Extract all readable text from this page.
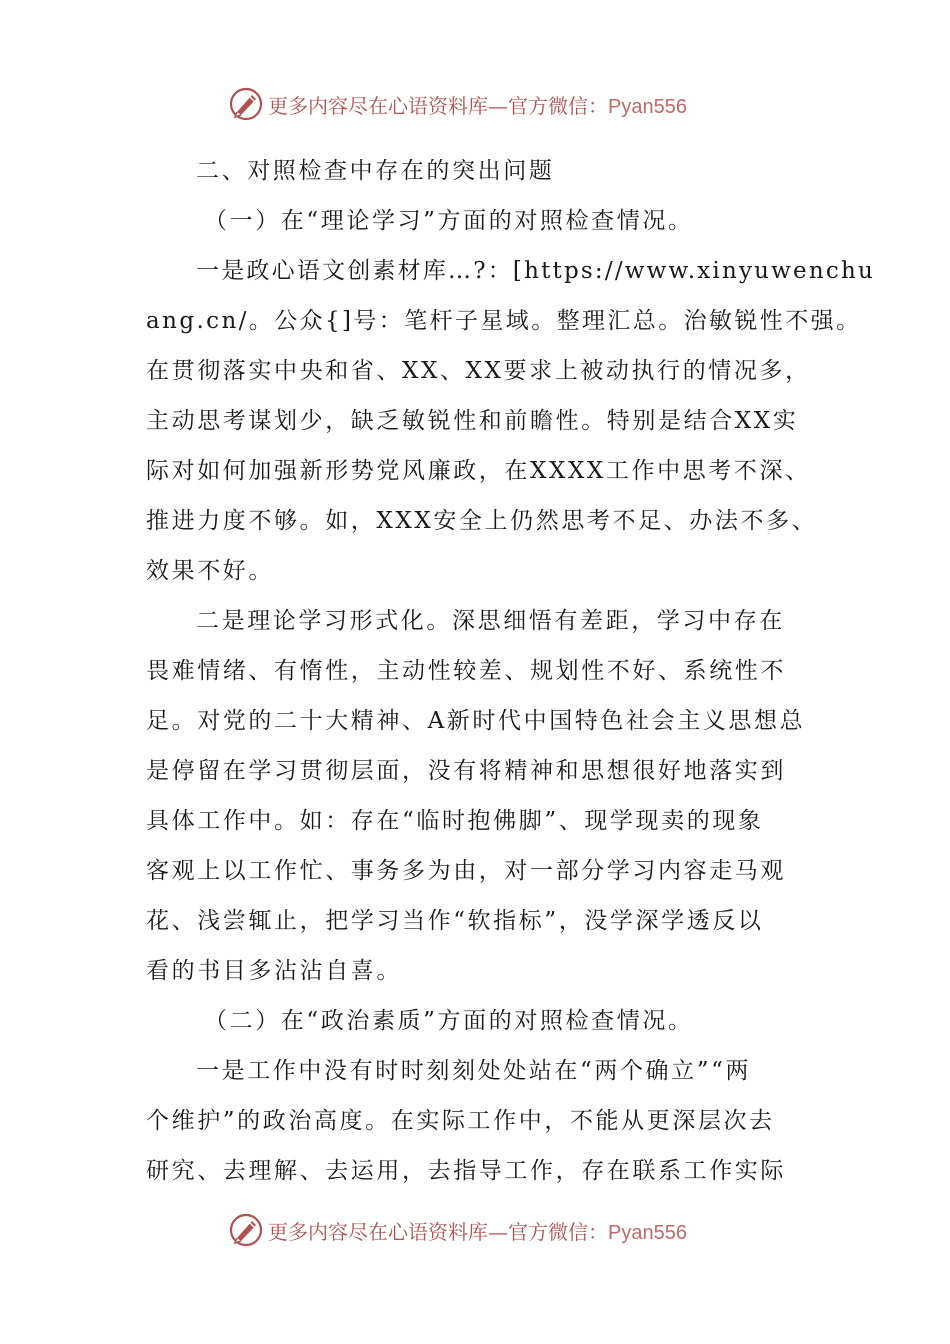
更多内容尽在心语资料库—官方微信：Pyan556
二、对照检查中存在的突出问题
（一）在“理论学习”方面的对照检查情况。
一是政心语文创素材库…?：[https://www.xinyuwenchu
ang.cn/。公众{]号：笔杆子星域。整理汇总。治敏锐性不强。
在贯彻落实中央和省、XX、XX要求上被动执行的情况多，
主动思考谋划少，缺乏敏锐性和前瞻性。特别是结合XX实
际对如何加强新形势党风廉政，在XXXX工作中思考不深、
推进力度不够。如，XXX安全上仍然思考不足、办法不多、
效果不好。
二是理论学习形式化。深思细悟有差距，学习中存在
畏难情绪、有惰性，主动性较差、规划性不好、系统性不
足。对党的二十大精神、A新时代中国特色社会主义思想总
是停留在学习贯彻层面，没有将精神和思想很好地落实到
具体工作中。如：存在“临时抱佛脚”、现学现卖的现象
客观上以工作忙、事务多为由，对一部分学习内容走马观
花、浅尝辄止，把学习当作“软指标”，没学深学透反以
看的书目多沾沾自喜。
（二）在“政治素质”方面的对照检查情况。
一是工作中没有时时刻刻处处站在“两个确立”“两
个维护”的政治高度。在实际工作中，不能从更深层次去
研究、去理解、去运用，去指导工作，存在联系工作实际
更多内容尽在心语资料库—官方微信：Pyan556
